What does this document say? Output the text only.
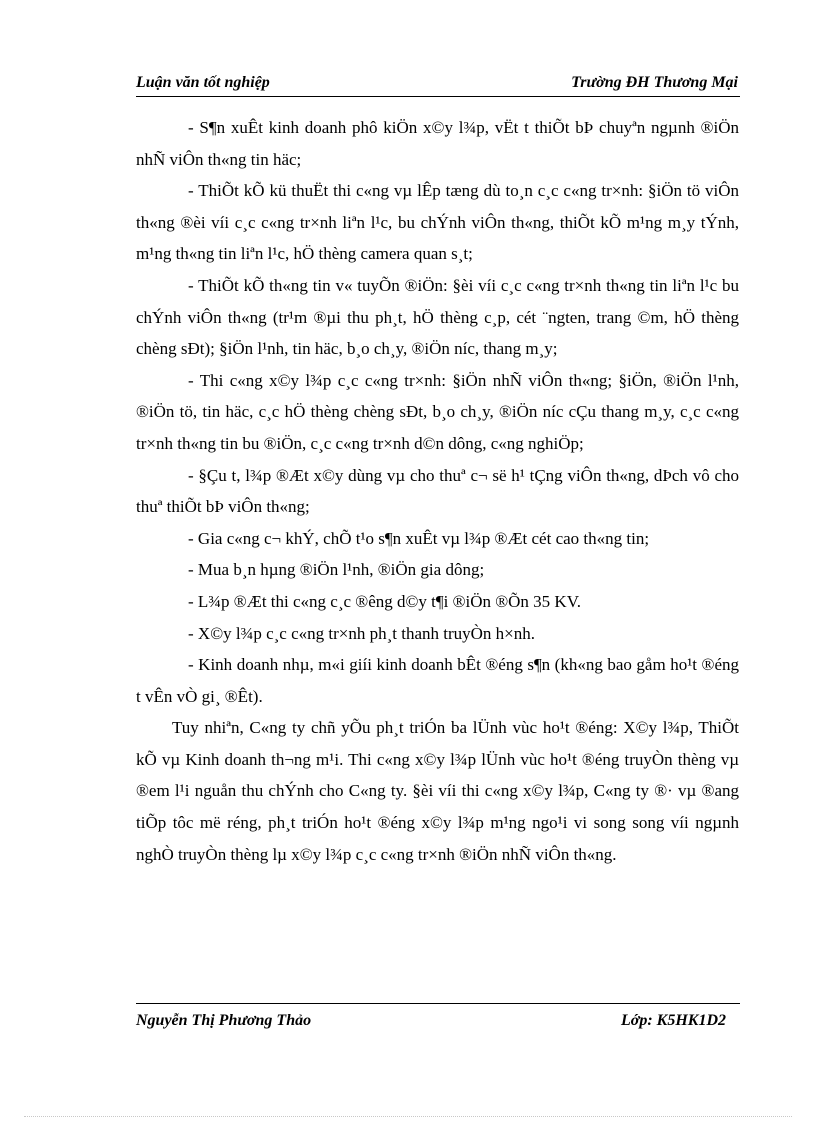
Luận văn tốt nghiệp	Trường ĐH Thương Mại

- S¶n xuÊt kinh doanh phô kiÖn x©y l¾p, vËt t thiÕt bÞ chuyªn ngµnh ®iÖn nhÑ viÔn th«ng tin häc;

- ThiÕt kÕ kü thuËt thi c«ng vµ lÊp tæng dù to¸n c¸c c«ng tr×nh: §iÖn tö viÔn th«ng ®èi víi c¸c c«ng tr×nh liªn l¹c, bu chÝnh viÔn th«ng, thiÕt kÕ m¹ng m¸y tÝnh, m¹ng th«ng tin liªn l¹c, hÖ thèng camera quan s¸t;

- ThiÕt kÕ th«ng tin v« tuyÕn ®iÖn: §èi víi c¸c c«ng tr×nh th«ng tin liªn l¹c bu chÝnh viÔn th«ng (tr¹m ®µi thu ph¸t, hÖ thèng c¸p, cét ¨ngten, trang ©m, hÖ thèng chèng sÐt); §iÖn l¹nh, tin häc, b¸o ch¸y, ®iÖn níc, thang m¸y;

- Thi c«ng x©y l¾p c¸c c«ng tr×nh: §iÖn nhÑ viÔn th«ng; §iÖn, ®iÖn l¹nh, ®iÖn tö, tin häc, c¸c hÖ thèng chèng sÐt, b¸o ch¸y, ®iÖn níc cÇu thang m¸y, c¸c c«ng tr×nh th«ng tin bu ®iÖn, c¸c c«ng tr×nh d©n dông, c«ng nghiÖp;

- §Çu t, l¾p ®Æt x©y dùng vµ cho thuª c¬ së h¹ tÇng viÔn th«ng, dÞch vô cho thuª thiÕt bÞ viÔn th«ng;

- Gia c«ng c¬ khÝ, chÕ t¹o s¶n xuÊt vµ l¾p ®Æt cét cao th«ng tin;

- Mua b¸n hµng ®iÖn l¹nh, ®iÖn gia dông;

- L¾p ®Æt thi c«ng c¸c ®êng d©y t¶i ®iÖn ®Õn 35 KV.

- X©y l¾p c¸c c«ng tr×nh ph¸t thanh truyÒn h×nh.

- Kinh doanh nhµ, m«i giíi kinh doanh bÊt ®éng s¶n (kh«ng bao gåm ho¹t ®éng t vÊn vÒ gi¸ ®Êt).

Tuy nhiªn, C«ng ty chñ yÕu ph¸t triÓn ba lÜnh vùc ho¹t ®éng: X©y l¾p, ThiÕt kÕ vµ Kinh doanh th¬ng m¹i. Thi c«ng x©y l¾p lÜnh vùc ho¹t ®éng truyÒn thèng vµ ®em l¹i nguån thu chÝnh cho C«ng ty. §èi víi thi c«ng x©y l¾p, C«ng ty ®· vµ ®ang tiÕp tôc më réng, ph¸t triÓn ho¹t ®éng x©y l¾p m¹ng ngo¹i vi song song víi ngµnh nghÒ truyÒn thèng lµ x©y l¾p c¸c c«ng tr×nh ®iÖn nhÑ viÔn th«ng.

Nguyễn Thị Phương Thảo	Lớp: K5HK1D2
